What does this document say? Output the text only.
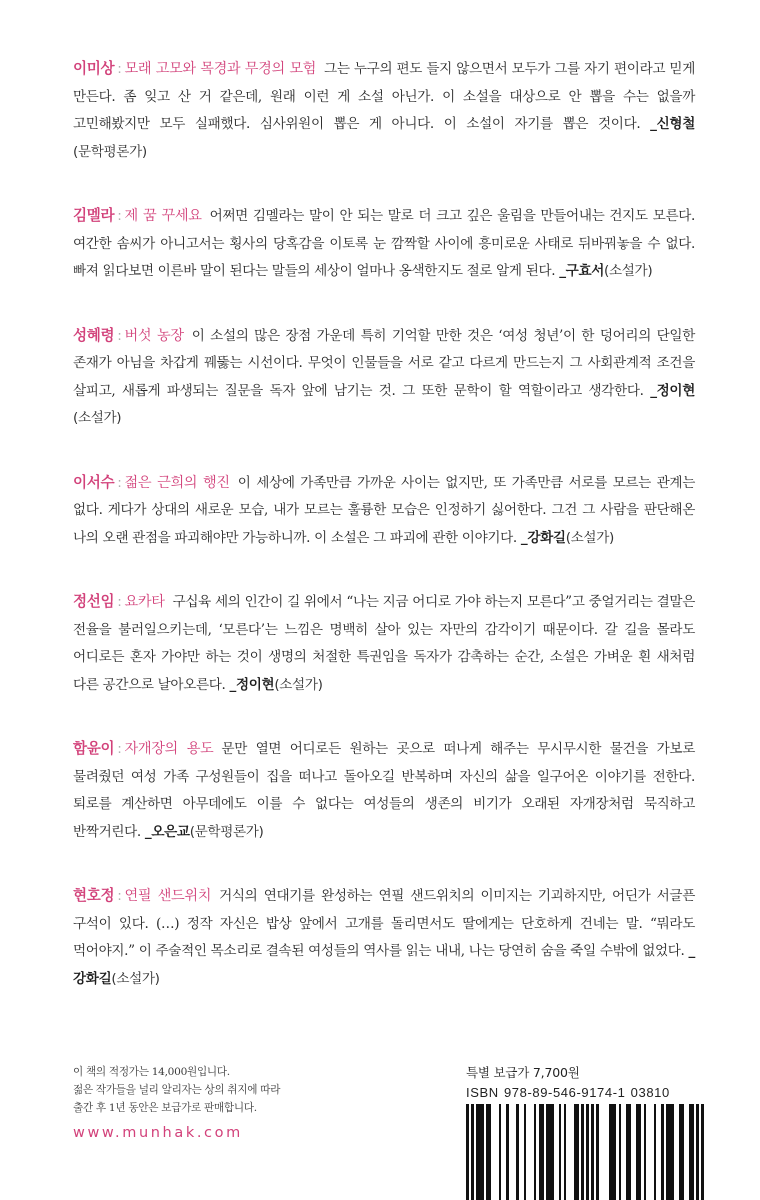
이미상 : 모래 고모와 목경과 무경의 모험 그는 누구의 편도 들지 않으면서 모두가 그를 자기 편이라고 믿게 만든다. 좀 잊고 산 거 같은데, 원래 이런 게 소설 아닌가. 이 소설을 대상으로 안 뽑을 수는 없을까 고민해봤지만 모두 실패했다. 심사위원이 뽑은 게 아니다. 이 소설이 자기를 뽑은 것이다. _신형철(문학평론가)

김멜라 : 제 꿈 꾸세요 어쩌면 김멜라는 말이 안 되는 말로 더 크고 깊은 울림을 만들어내는 건지도 모른다. 여간한 솜씨가 아니고서는 횡사의 당혹감을 이토록 눈 깜짝할 사이에 흥미로운 사태로 뒤바꿔놓을 수 없다. 빠져 읽다보면 이른바 말이 된다는 말들의 세상이 얼마나 옹색한지도 절로 알게 된다. _구효서(소설가)

성혜령 : 버섯 농장 이 소설의 많은 장점 가운데 특히 기억할 만한 것은 ‘여성 청년’이 한 덩어리의 단일한 존재가 아님을 차갑게 꿰뚫는 시선이다. 무엇이 인물들을 서로 같고 다르게 만드는지 그 사회관계적 조건을 살피고, 새롭게 파생되는 질문을 독자 앞에 남기는 것. 그 또한 문학이 할 역할이라고 생각한다. _정이현(소설가)

이서수 : 젊은 근희의 행진 이 세상에 가족만큼 가까운 사이는 없지만, 또 가족만큼 서로를 모르는 관계는 없다. 게다가 상대의 새로운 모습, 내가 모르는 훌륭한 모습은 인정하기 싫어한다. 그건 그 사람을 판단해온 나의 오랜 관점을 파괴해야만 가능하니까. 이 소설은 그 파괴에 관한 이야기다. _강화길(소설가)

정선임 : 요카타 구십육 세의 인간이 길 위에서 “나는 지금 어디로 가야 하는지 모른다”고 중얼거리는 결말은 전율을 불러일으키는데, ‘모른다’는 느낌은 명백히 살아 있는 자만의 감각이기 때문이다. 갈 길을 몰라도 어디로든 혼자 가야만 하는 것이 생명의 처절한 특권임을 독자가 감촉하는 순간, 소설은 가벼운 흰 새처럼 다른 공간으로 날아오른다. _정이현(소설가)

함윤이 : 자개장의 용도 문만 열면 어디로든 원하는 곳으로 떠나게 해주는 무시무시한 물건을 가보로 물려줬던 여성 가족 구성원들이 집을 떠나고 돌아오길 반복하며 자신의 삶을 일구어온 이야기를 전한다. 퇴로를 계산하면 아무데에도 이를 수 없다는 여성들의 생존의 비기가 오래된 자개장처럼 묵직하고 반짝거린다. _오은교(문학평론가)

현호정 : 연필 샌드위치 거식의 연대기를 완성하는 연필 샌드위치의 이미지는 기괴하지만, 어딘가 서글픈 구석이 있다. (…) 정작 자신은 밥상 앞에서 고개를 돌리면서도 딸에게는 단호하게 건네는 말. “뭐라도 먹어야지.” 이 주술적인 목소리로 결속된 여성들의 역사를 읽는 내내, 나는 당연히 숨을 죽일 수밖에 없었다. _강화길(소설가)

이 책의 적정가는 14,000원입니다.
젊은 작가들을 널리 알리자는 상의 취지에 따라
출간 후 1년 동안은 보급가로 판매합니다.
www.munhak.com
특별 보급가 7,700원
ISBN 978-89-546-9174-1 03810
